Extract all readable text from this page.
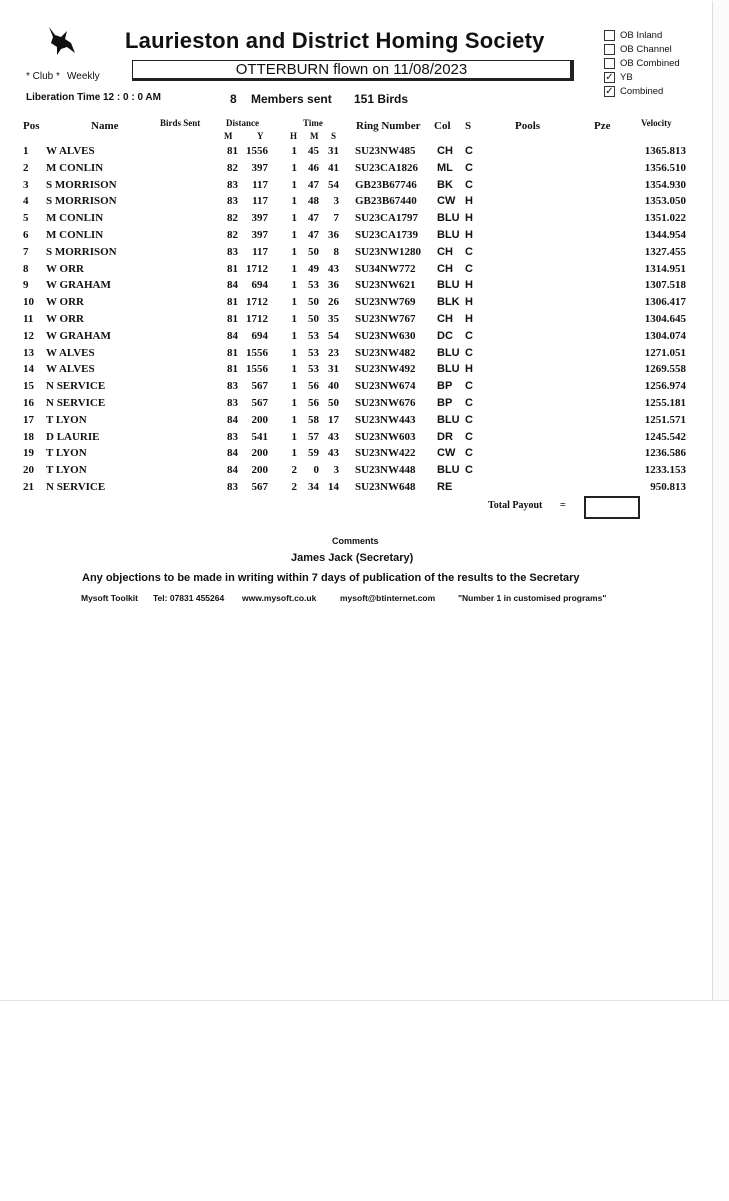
Laurieston and District Homing Society
OTTERBURN flown on 11/08/2023
* Club * Weekly
Liberation Time 12 : 0 : 0 AM	8 Members sent 151 Birds
OB Inland
OB Channel
OB Combined
✓ YB
✓ Combined
Pos	Name	Birds Sent	Distance
M	Y
Time
H M S
Ring Number Col S	Pools	Pze	Velocity
1	W ALVES	81 1556	1 45 31 SU23NW485	CH	C	1365.813
2	M CONLIN	82	397	1 46 41 SU23CA1826	ML	C	1356.510
3	S MORRISON	83	117	1 47 54 GB23B67746	BK	C	1354.930
4	S MORRISON	83	117	1 48	3 GB23B67440	CW H	1353.050
5	M CONLIN	82	397	1 47	7 SU23CA1797	BLU H	1351.022
6	M CONLIN	82	397	1 47 36 SU23CA1739	BLU H	1344.954
7	S MORRISON	83	117	1 50	8 SU23NW1280	CH	C	1327.455
8	W ORR	81 1712	1 49 43 SU34NW772	CH	C	1314.951
9	W GRAHAM	84	694	1 53 36 SU23NW621	BLU H	1307.518
10 W ORR	81 1712	1 50 26 SU23NW769	BLK H	1306.417
11	W ORR	81 1712	1 50 35 SU23NW767	CH	H	1304.645
12 W GRAHAM	84	694	1 53 54 SU23NW630	DC	C	1304.074
13 W ALVES	81 1556	1 53 23 SU23NW482	BLU C	1271.051
14 W ALVES	81 1556	1 53 31 SU23NW492	BLU H	1269.558
15 N SERVICE	83	567	1 56 40 SU23NW674	BP	C	1256.974
16 N SERVICE	83	567	1 56 50 SU23NW676	BP	C	1255.181
17 T LYON	84	200	1 58 17 SU23NW443	BLU C	1251.571
18 D LAURIE	83	541	1 57 43 SU23NW603	DR	C	1245.542
19 T LYON	84	200	1 59 43 SU23NW422	CW C	1236.586
20 T LYON	84	200	2	0	3 SU23NW448	BLU C	1233.153
21 N SERVICE	83	567	2 34 14 SU23NW648	RE	950.813
Total Payout =
Comments
James Jack (Secretary)
Any objections to be made in writing within 7 days of publication of the results to the Secretary
Mysoft Toolkit Tel: 07831 455264 www.mysoft.co.uk	mysoft@btinternet.com	"Number 1 in customised programs"
